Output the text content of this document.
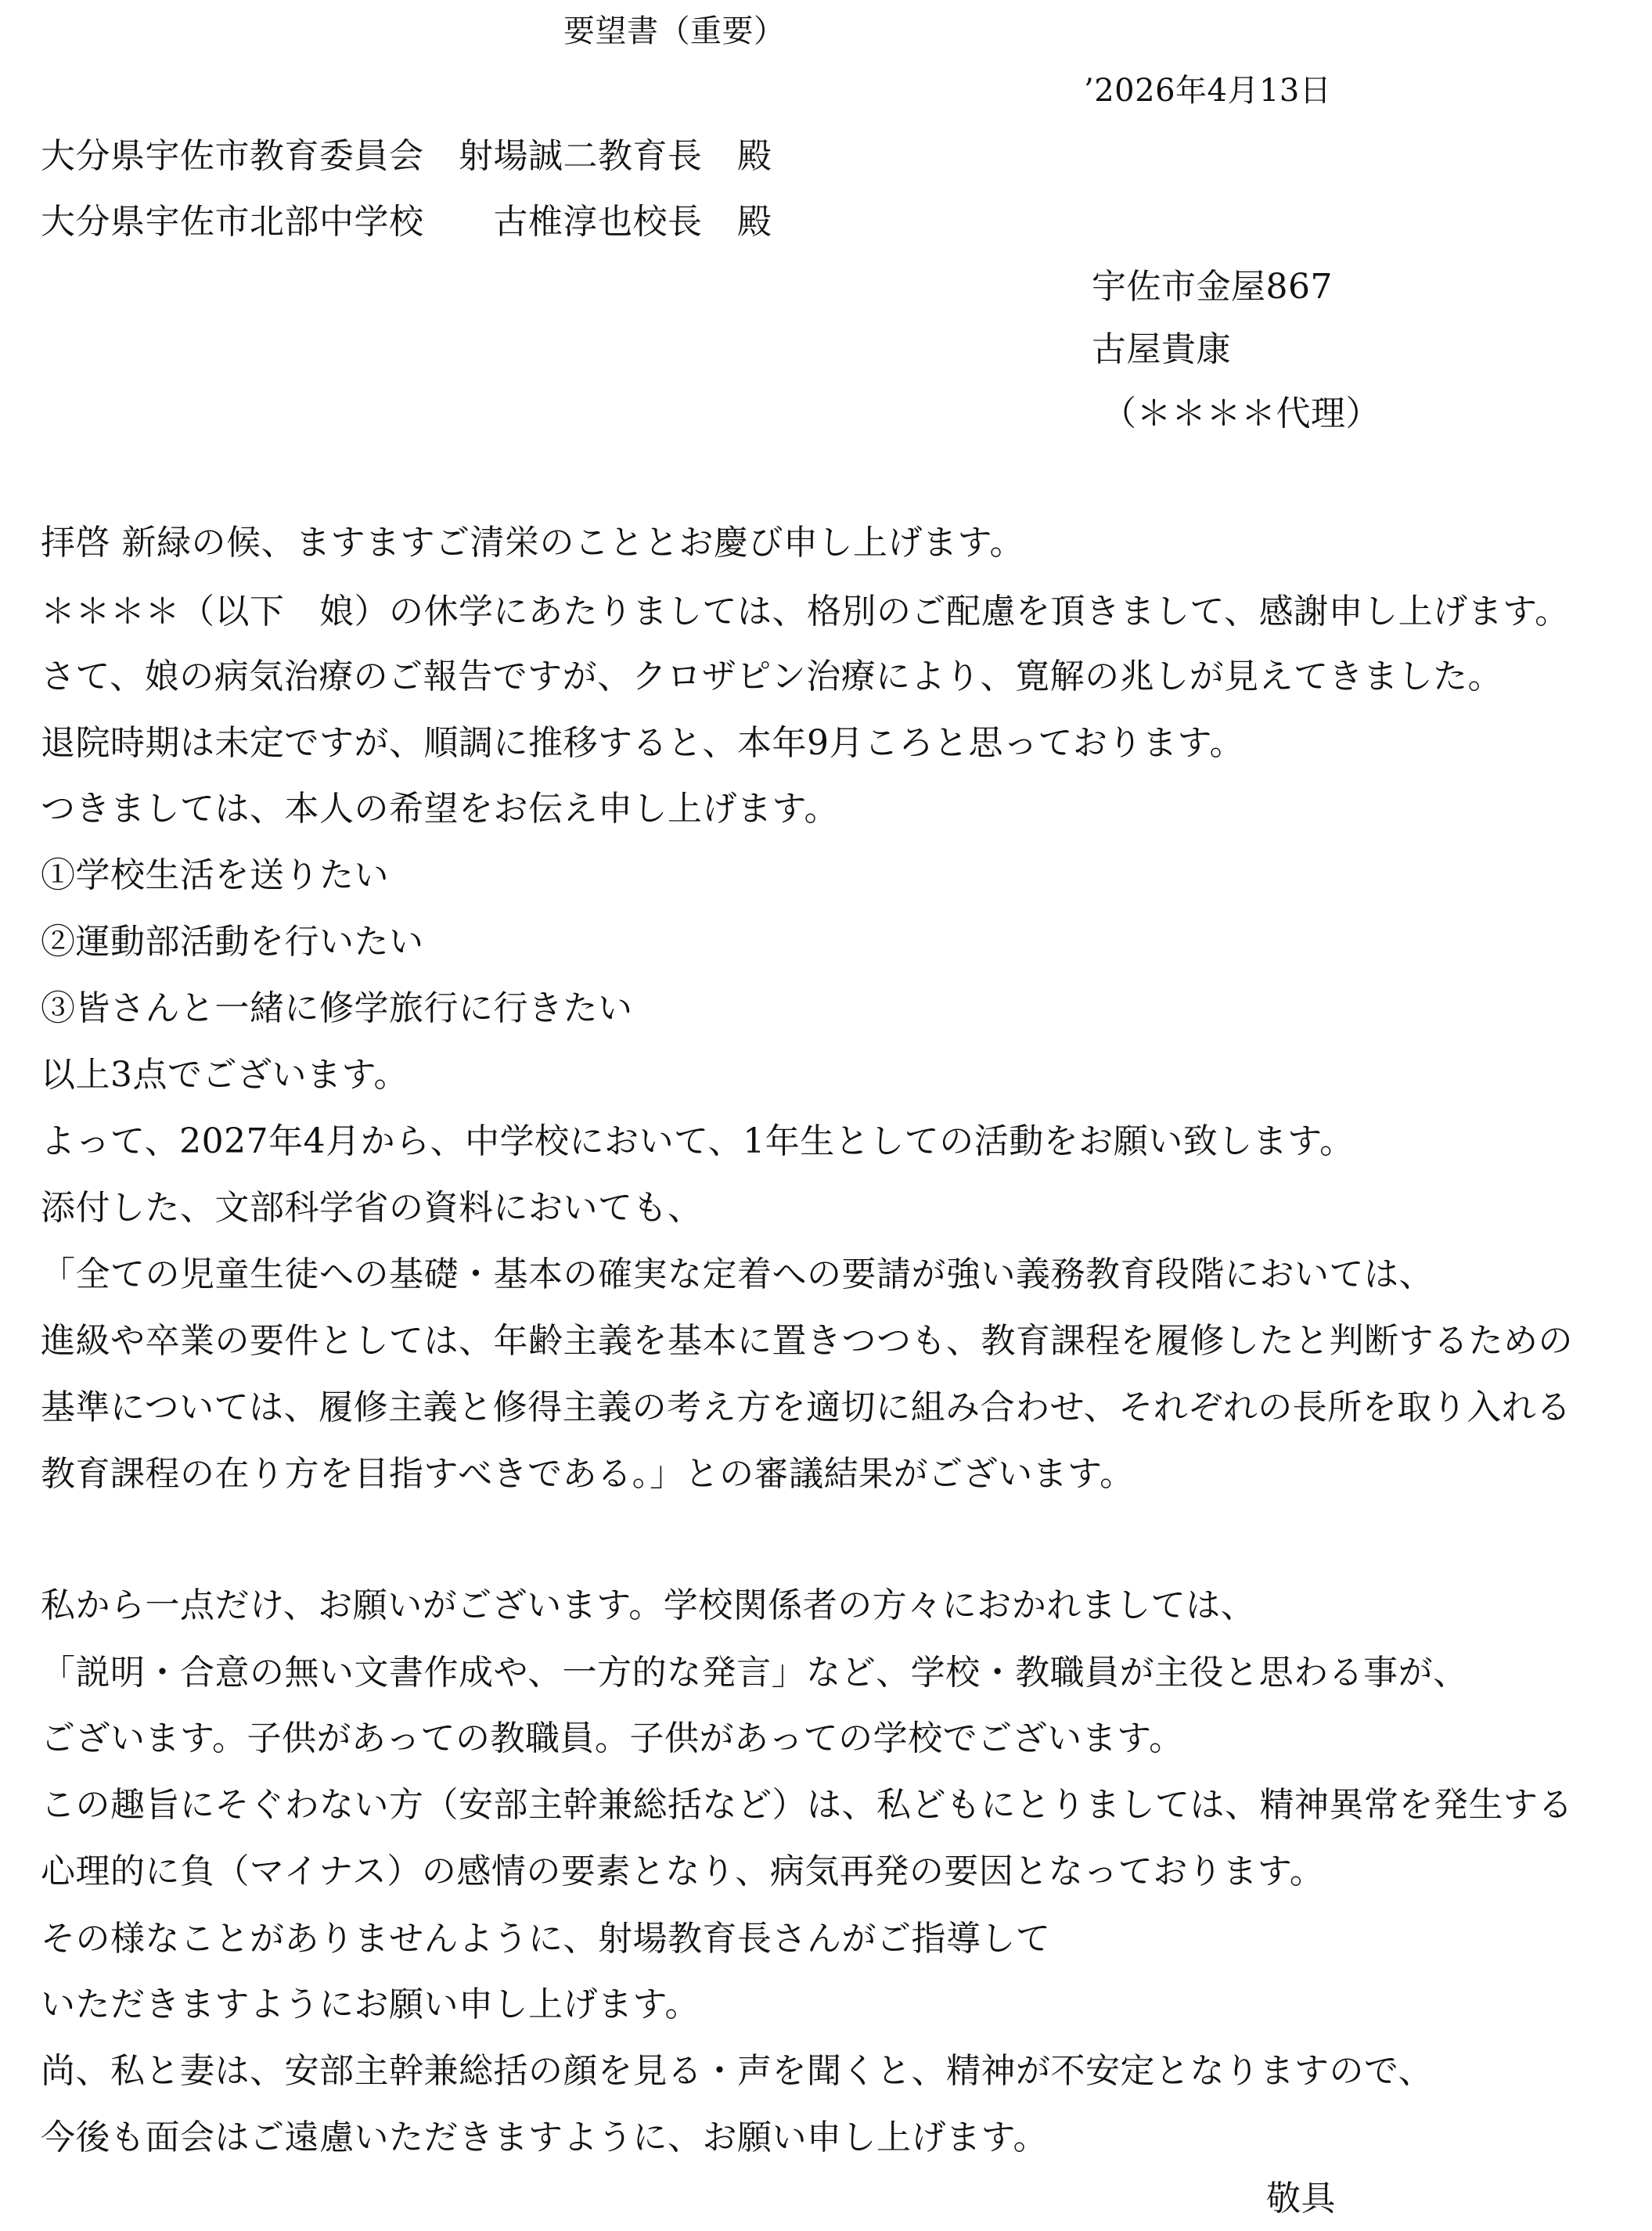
要望書（重要）
’2026年4月13日
大分県宇佐市教育委員会　射場誠二教育長　殿
大分県宇佐市北部中学校　　古椎淳也校長　殿
宇佐市金屋867
古屋貴康
（＊＊＊＊代理）
拝啓 新緑の候、ますますご清栄のこととお慶び申し上げます。
＊＊＊＊（以下　娘）の休学にあたりましては、格別のご配慮を頂きまして、感謝申し上げます。
さて、娘の病気治療のご報告ですが、クロザピン治療により、寛解の兆しが見えてきました。
退院時期は未定ですが、順調に推移すると、本年9月ころと思っております。
つきましては、本人の希望をお伝え申し上げます。
①学校生活を送りたい
②運動部活動を行いたい
③皆さんと一緒に修学旅行に行きたい
以上3点でございます。
よって、2027年4月から、中学校において、1年生としての活動をお願い致します。
添付した、文部科学省の資料においても、
「全ての児童生徒への基礎・基本の確実な定着への要請が強い義務教育段階においては、
進級や卒業の要件としては、年齢主義を基本に置きつつも、教育課程を履修したと判断するための
基準については、履修主義と修得主義の考え方を適切に組み合わせ、それぞれの長所を取り入れる
教育課程の在り方を目指すべきである。」との審議結果がございます。
私から一点だけ、お願いがございます。学校関係者の方々におかれましては、
「説明・合意の無い文書作成や、一方的な発言」など、学校・教職員が主役と思わる事が、
ございます。子供があっての教職員。子供があっての学校でございます。
この趣旨にそぐわない方（安部主幹兼総括など）は、私どもにとりましては、精神異常を発生する
心理的に負（マイナス）の感情の要素となり、病気再発の要因となっております。
その様なことがありませんように、射場教育長さんがご指導して
いただきますようにお願い申し上げます。
尚、私と妻は、安部主幹兼総括の顔を見る・声を聞くと、精神が不安定となりますので、
今後も面会はご遠慮いただきますように、お願い申し上げます。
敬具
